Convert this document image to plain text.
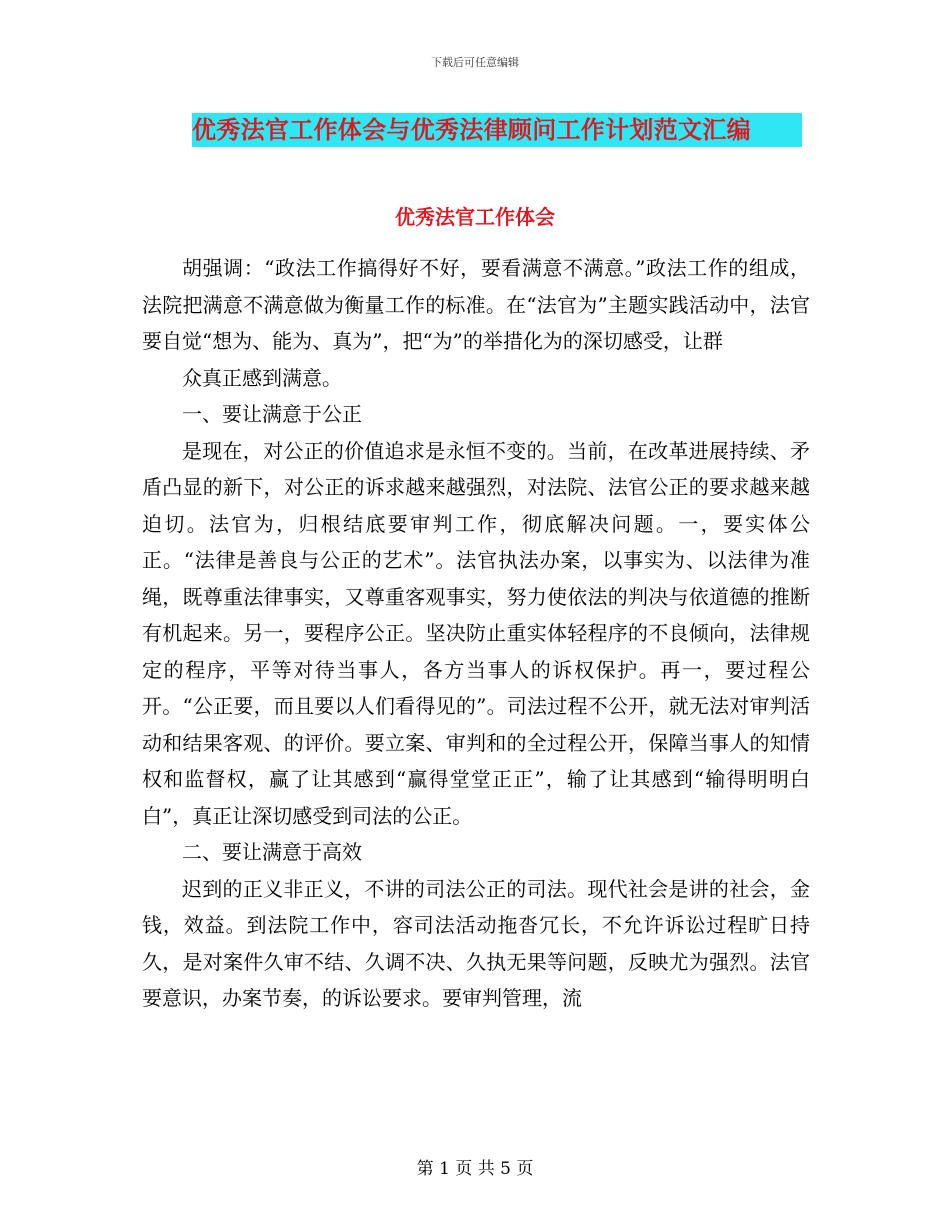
下载后可任意编辑
优秀法官工作体会与优秀法律顾问工作计划范文汇编
优秀法官工作体会

胡强调：“政法工作搞得好不好，要看满意不满意。”政法工作的组成，法院把满意不满意做为衡量工作的标准。在“法官为”主题实践活动中，法官要自觉“想为、能为、真为”，把“为”的举措化为的深切感受，让群

众真正感到满意。

一、要让满意于公正

是现在，对公正的价值追求是永恒不变的。当前，在改革进展持续、矛盾凸显的新下，对公正的诉求越来越强烈，对法院、法官公正的要求越来越迫切。法官为，归根结底要审判工作，彻底解决问题。一，要实体公正。“法律是善良与公正的艺术”。法官执法办案，以事实为、以法律为准绳，既尊重法律事实，又尊重客观事实，努力使依法的判决与依道德的推断有机起来。另一，要程序公正。坚决防止重实体轻程序的不良倾向，法律规定的程序，平等对待当事人，各方当事人的诉权保护。再一，要过程公开。“公正要，而且要以人们看得见的”。司法过程不公开，就无法对审判活动和结果客观、的评价。要立案、审判和的全过程公开，保障当事人的知情权和监督权，赢了让其感到“赢得堂堂正正”，输了让其感到“输得明明白白”，真正让深切感受到司法的公正。

二、要让满意于高效

迟到的正义非正义，不讲的司法公正的司法。现代社会是讲的社会，金钱，效益。到法院工作中，容司法活动拖沓冗长，不允许诉讼过程旷日持久，是对案件久审不结、久调不决、久执无果等问题，反映尤为强烈。法官要意识，办案节奏，的诉讼要求。要审判管理，流

第 1 页 共 5 页
